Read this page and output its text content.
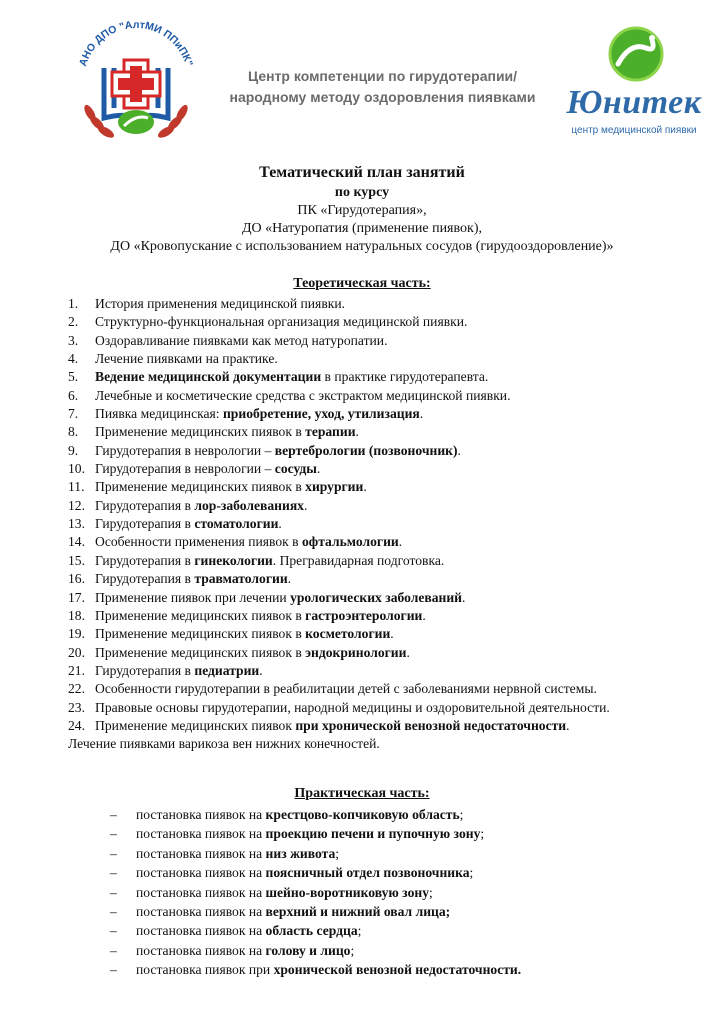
АНО ДПО "АлтМИ ППиПК"
Центр компетенции по гирудотерапии/
народному методу оздоровления пиявками Юнитек
центр медицинской пиявки
Тематический план занятий
по курсу
ПК «Гирудотерапия»,
ДО «Натуропатия (применение пиявок),
ДО «Кровопускание с использованием натуральных сосудов (гирудооздоровление)»
Теоретическая часть:
1. История применения медицинской пиявки.
2. Структурно-функциональная организация медицинской пиявки.
3. Оздоравливание пиявками как метод натуропатии.
4. Лечение пиявками на практике.
5. Ведение медицинской документации в практике гирудотерапевта.
6. Лечебные и косметические средства с экстрактом медицинской пиявки.
7. Пиявка медицинская: приобретение, уход, утилизация.
8. Применение медицинских пиявок в терапии.
9. Гирудотерапия в неврологии – вертебрологии (позвоночник).
10. Гирудотерапия в неврологии – сосуды.
11. Применение медицинских пиявок в хирургии.
12. Гирудотерапия в лор-заболеваниях.
13. Гирудотерапия в стоматологии.
14. Особенности применения пиявок в офтальмологии.
15. Гирудотерапия в гинекологии. Прегравидарная подготовка.
16. Гирудотерапия в травматологии.
17. Применение пиявок при лечении урологических заболеваний.
18. Применение медицинских пиявок в гастроэнтерологии.
19. Применение медицинских пиявок в косметологии.
20. Применение медицинских пиявок в эндокринологии.
21. Гирудотерапия в педиатрии.
22. Особенности гирудотерапии в реабилитации детей с заболеваниями нервной системы.
23. Правовые основы гирудотерапии, народной медицины и оздоровительной деятельности.
24. Применение медицинских пиявок при хронической венозной недостаточности.
Лечение пиявками варикоза вен нижних конечностей.
Практическая часть:
– постановка пиявок на крестцово-копчиковую область;
– постановка пиявок на проекцию печени и пупочную зону;
– постановка пиявок на низ живота;
– постановка пиявок на поясничный отдел позвоночника;
– постановка пиявок на шейно-воротниковую зону;
– постановка пиявок на верхний и нижний овал лица;
– постановка пиявок на область сердца;
– постановка пиявок на голову и лицо;
– постановка пиявок при хронической венозной недостаточности.
